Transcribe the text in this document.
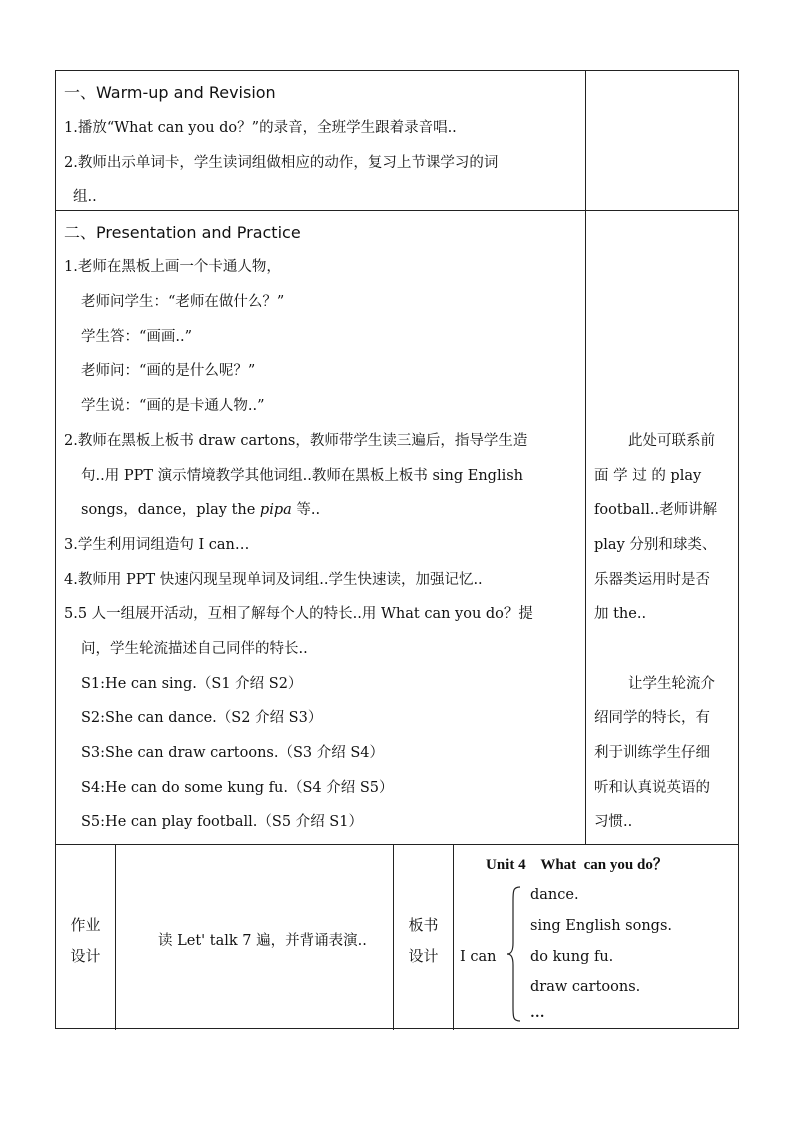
一、Warm-up and Revision
1.播放“What can you do？”的录音，全班学生跟着录音唱..
2.教师出示单词卡，学生读词组做相应的动作，复习上节课学习的词
组..
二、Presentation and Practice
1.老师在黑板上画一个卡通人物，
老师问学生：“老师在做什么？”
学生答：“画画..”
老师问：“画的是什么呢？”
学生说：“画的是卡通人物..”
2.教师在黑板上板书 draw cartons，教师带学生读三遍后，指导学生造
句..用 PPT 演示情境教学其他词组..教师在黑板上板书 sing English
songs，dance，play the pipa 等..
3.学生利用词组造句 I can…
4.教师用 PPT 快速闪现呈现单词及词组..学生快速读，加强记忆..
5.5 人一组展开活动，互相了解每个人的特长..用 What can you do？提
问，学生轮流描述自己同伴的特长..
S1:He can sing.（S1 介绍 S2）
S2:She can dance.（S2 介绍 S3）
S3:She can draw cartoons.（S3 介绍 S4）
S4:He can do some kung fu.（S4 介绍 S5）
S5:He can play football.（S5 介绍 S1）
此处可联系前
面 学 过 的 play
football..老师讲解
play 分别和球类、
乐器类运用时是否
加 the..
让学生轮流介
绍同学的特长，有
利于训练学生仔细
听和认真说英语的
习惯..
作业
设计
读 Let' talk 7 遍，并背诵表演..
板书
设计
Unit 4    What  can you do？
I can
dance.
sing English songs.
do kung fu.
draw cartoons.
…
